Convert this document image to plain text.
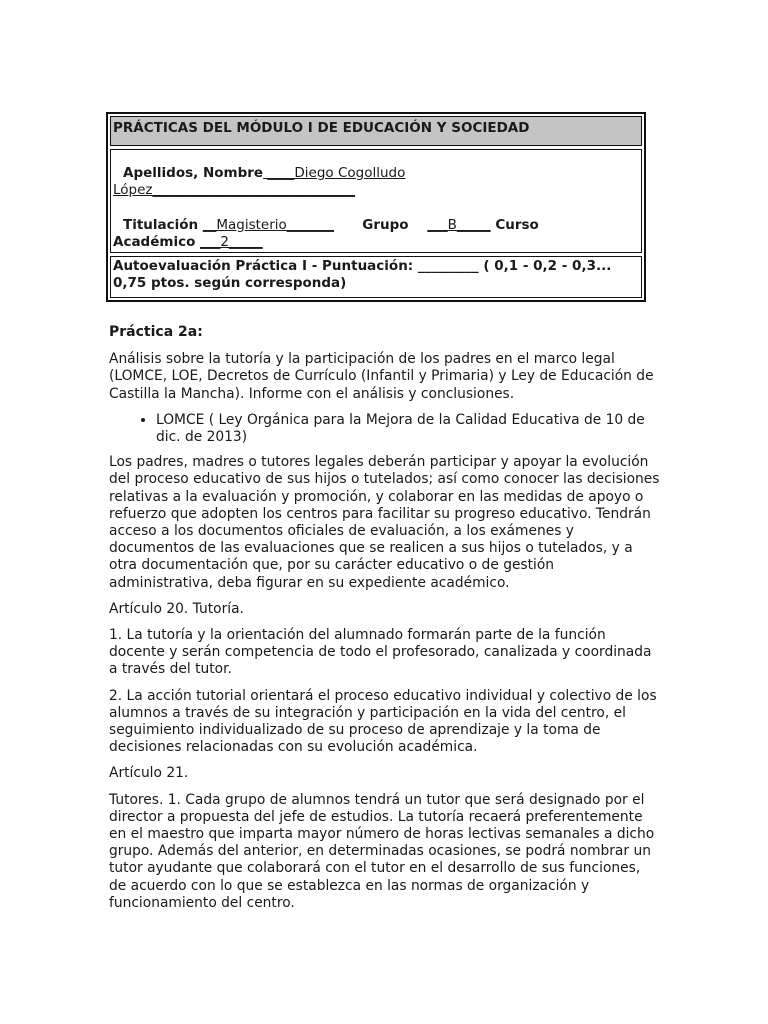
PRÁCTICAS DEL MÓDULO I DE EDUCACIÓN Y SOCIEDAD
Apellidos, Nombre ____Diego Cogolludo
López______________________________
Titulación __Magisterio_______ Grupo ___B_____ Curso
Académico ___2_____
Autoevaluación Práctica I - Puntuación: _________ ( 0,1 - 0,2 - 0,3... 0,75 ptos. según corresponda)
Práctica 2a:

Análisis sobre la tutoría y la participación de los padres en el marco legal (LOMCE, LOE, Decretos de Currículo (Infantil y Primaria) y Ley de Educación de Castilla la Mancha). Informe con el análisis y conclusiones.

• LOMCE ( Ley Orgánica para la Mejora de la Calidad Educativa de 10 de dic. de 2013)

Los padres, madres o tutores legales deberán participar y apoyar la evolución del proceso educativo de sus hijos o tutelados; así como conocer las decisiones relativas a la evaluación y promoción, y colaborar en las medidas de apoyo o refuerzo que adopten los centros para facilitar su progreso educativo. Tendrán acceso a los documentos oficiales de evaluación, a los exámenes y documentos de las evaluaciones que se realicen a sus hijos o tutelados, y a otra documentación que, por su carácter educativo o de gestión administrativa, deba figurar en su expediente académico.

Artículo 20. Tutoría.

1. La tutoría y la orientación del alumnado formarán parte de la función docente y serán competencia de todo el profesorado, canalizada y coordinada a través del tutor.

2. La acción tutorial orientará el proceso educativo individual y colectivo de los alumnos a través de su integración y participación en la vida del centro, el seguimiento individualizado de su proceso de aprendizaje y la toma de decisiones relacionadas con su evolución académica.

Artículo 21.

Tutores. 1. Cada grupo de alumnos tendrá un tutor que será designado por el director a propuesta del jefe de estudios. La tutoría recaerá preferentemente en el maestro que imparta mayor número de horas lectivas semanales a dicho grupo. Además del anterior, en determinadas ocasiones, se podrá nombrar un tutor ayudante que colaborará con el tutor en el desarrollo de sus funciones, de acuerdo con lo que se establezca en las normas de organización y funcionamiento del centro.
